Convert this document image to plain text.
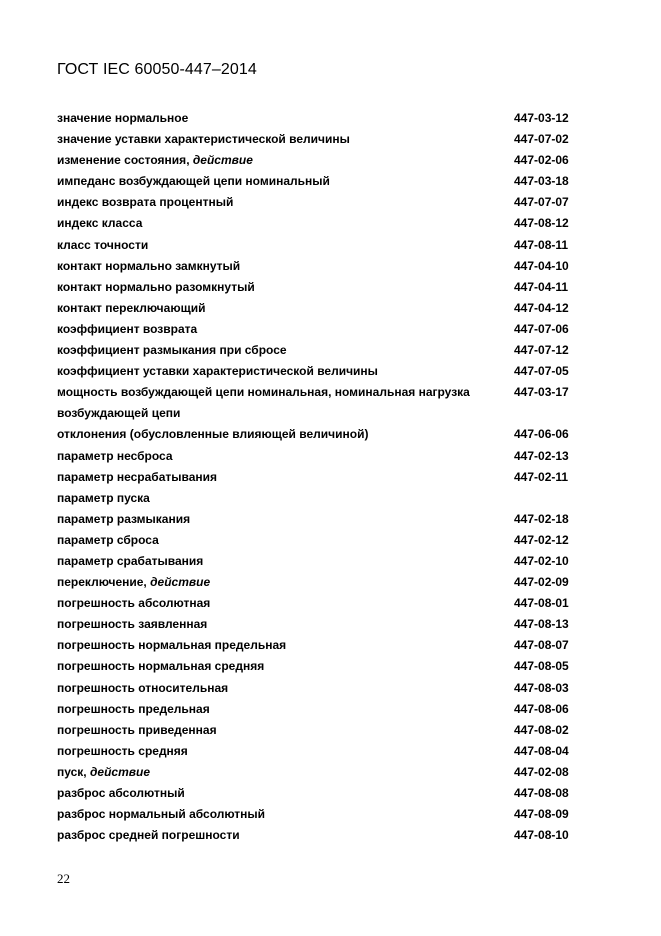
ГОСТ IEC 60050-447–2014
значение нормальное	447-03-12
значение уставки характеристической величины	447-07-02
изменение состояния, действие	447-02-06
импеданс возбуждающей цепи номинальный	447-03-18
индекс возврата процентный	447-07-07
индекс класса	447-08-12
класс точности	447-08-11
контакт нормально замкнутый	447-04-10
контакт нормально разомкнутый	447-04-11
контакт переключающий	447-04-12
коэффициент возврата	447-07-06
коэффициент размыкания при сбросе	447-07-12
коэффициент уставки характеристической величины	447-07-05
мощность возбуждающей цепи номинальная, номинальная нагрузка	447-03-17
возбуждающей цепи
отклонения (обусловленные влияющей величиной)	447-06-06
параметр несброса	447-02-13
параметр несрабатывания	447-02-11
параметр пуска
параметр размыкания	447-02-18
параметр сброса	447-02-12
параметр срабатывания	447-02-10
переключение, действие	447-02-09
погрешность абсолютная	447-08-01
погрешность заявленная	447-08-13
погрешность нормальная предельная	447-08-07
погрешность нормальная средняя	447-08-05
погрешность относительная	447-08-03
погрешность предельная	447-08-06
погрешность приведенная	447-08-02
погрешность средняя	447-08-04
пуск, действие	447-02-08
разброс абсолютный	447-08-08
разброс нормальный абсолютный	447-08-09
разброс средней погрешности	447-08-10
22
